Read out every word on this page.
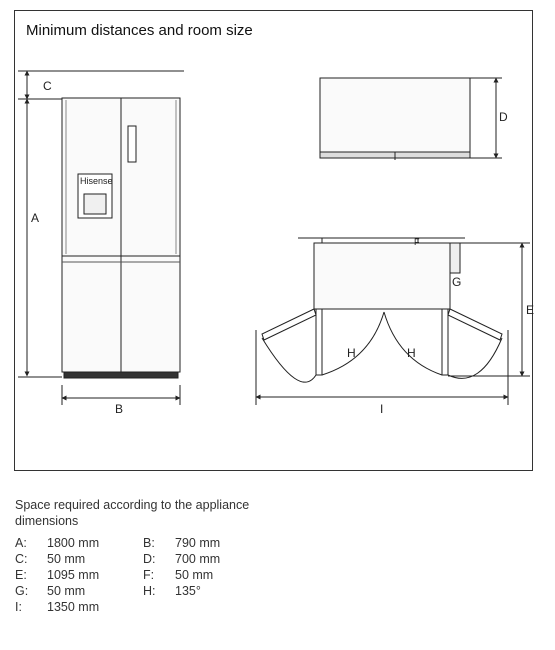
Minimum distances and room size
Hisense
A
C
B
D
F
G
E
H	H
I
Space required according to the appliance dimensions
A: 1800 mm
C: 50 mm
E: 1095 mm
G: 50 mm
I: 1350 mm
B: 790 mm
D: 700 mm
F: 50 mm
H: 135°
